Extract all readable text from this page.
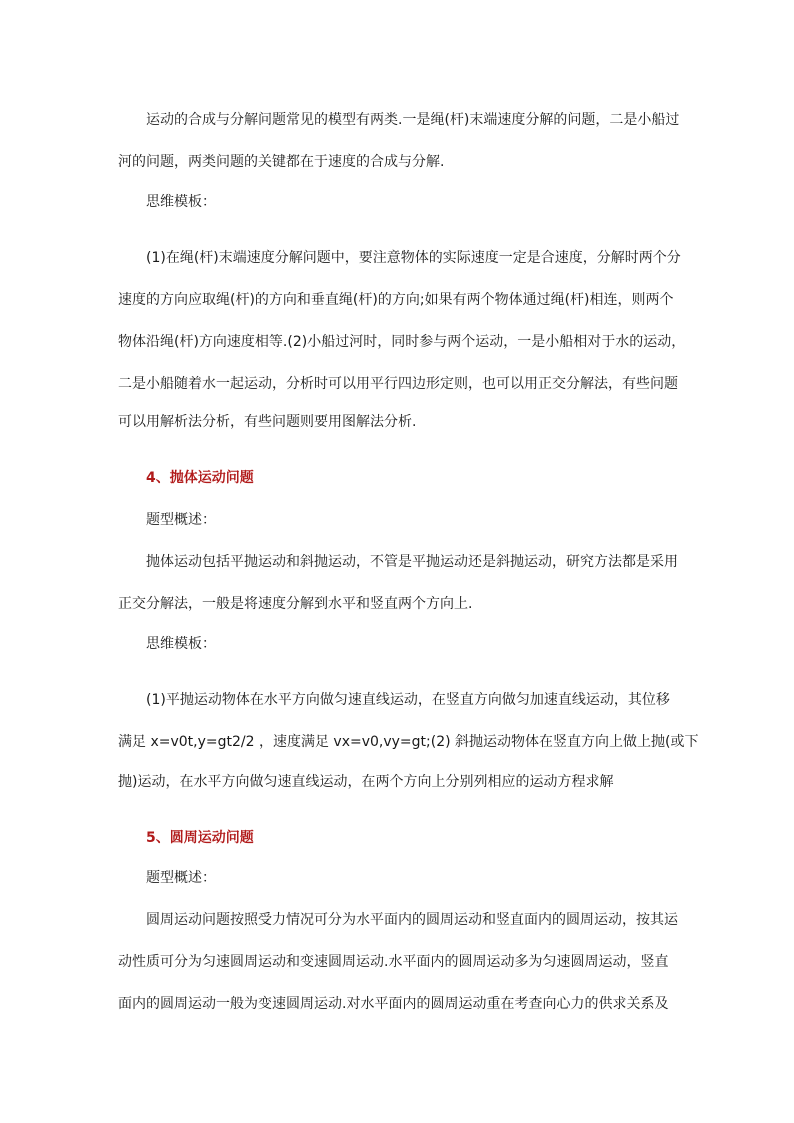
运动的合成与分解问题常见的模型有两类.一是绳(杆)末端速度分解的问题，二是小船过
河的问题，两类问题的关键都在于速度的合成与分解.
思维模板：
(1)在绳(杆)末端速度分解问题中，要注意物体的实际速度一定是合速度，分解时两个分
速度的方向应取绳(杆)的方向和垂直绳(杆)的方向;如果有两个物体通过绳(杆)相连，则两个
物体沿绳(杆)方向速度相等.(2)小船过河时，同时参与两个运动，一是小船相对于水的运动，
二是小船随着水一起运动，分析时可以用平行四边形定则，也可以用正交分解法，有些问题
可以用解析法分析，有些问题则要用图解法分析.
4、抛体运动问题
题型概述：
抛体运动包括平抛运动和斜抛运动，不管是平抛运动还是斜抛运动，研究方法都是采用
正交分解法，一般是将速度分解到水平和竖直两个方向上.
思维模板：
(1)平抛运动物体在水平方向做匀速直线运动，在竖直方向做匀加速直线运动，其位移
满足 x=v0t,y=gt2/2 ，速度满足 vx=v0,vy=gt;(2) 斜抛运动物体在竖直方向上做上抛(或下
抛)运动，在水平方向做匀速直线运动，在两个方向上分别列相应的运动方程求解
5、圆周运动问题
题型概述：
圆周运动问题按照受力情况可分为水平面内的圆周运动和竖直面内的圆周运动，按其运
动性质可分为匀速圆周运动和变速圆周运动.水平面内的圆周运动多为匀速圆周运动，竖直
面内的圆周运动一般为变速圆周运动.对水平面内的圆周运动重在考查向心力的供求关系及
